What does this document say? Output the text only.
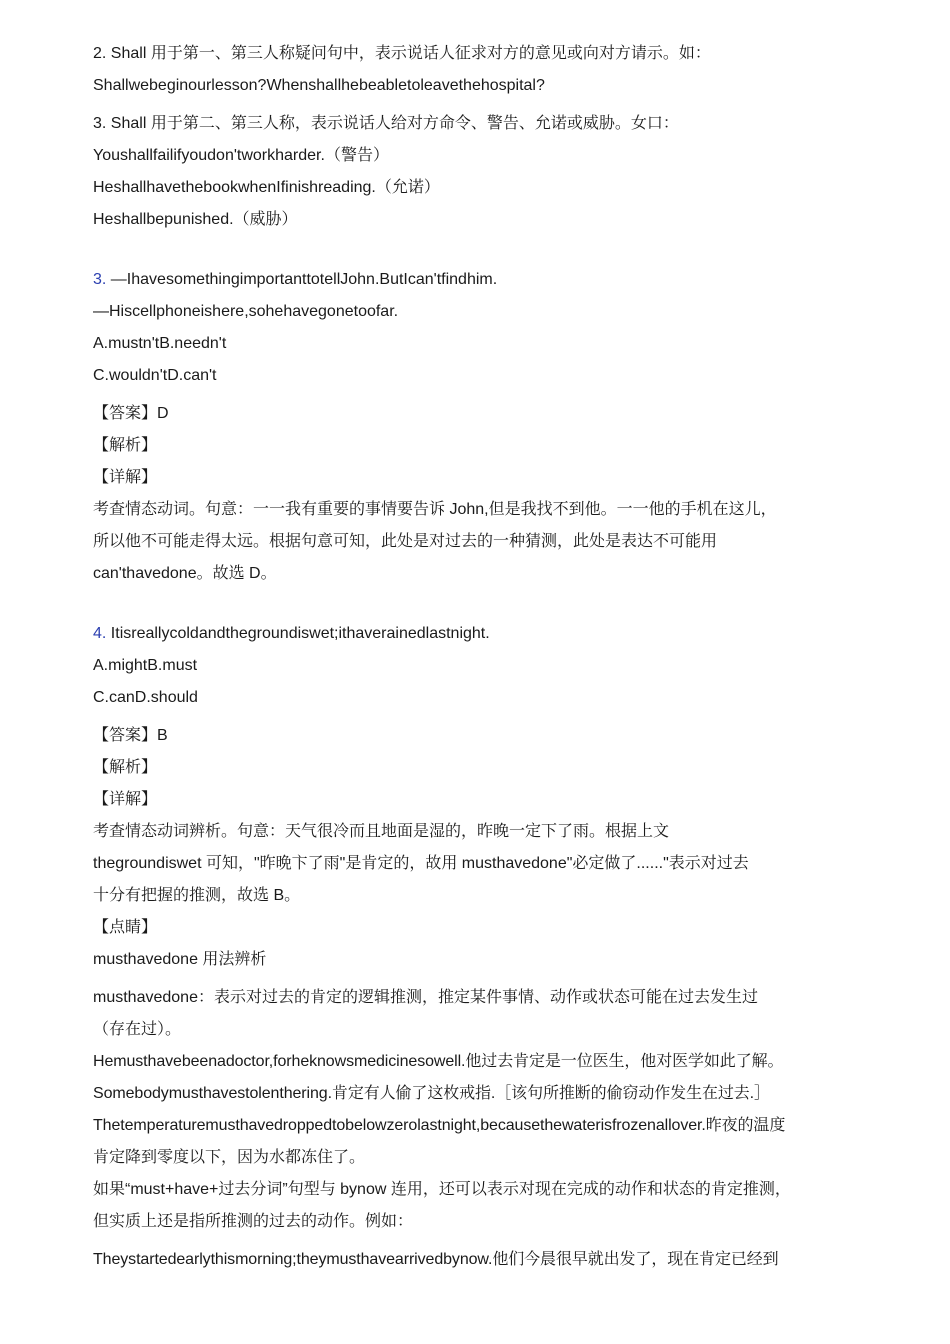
2. Shall 用于第一、第三人称疑问句中，表示说话人征求对方的意见或向对方请示。如：
Shallwebeginourlesson?Whenshallhebeabletoleavethehospital?
3. Shall 用于第二、第三人称，表示说话人给对方命令、警告、允诺或威胁。女口：
Youshallfailifyoudon'tworkharder.（警告）
HeshallhavethebookwhenIfinishreading.（允诺）
Heshallbepunished.（威胁）
3. —IhavesomethingimportanttotellJohn.ButIcan'tfindhim.
—Hiscellphoneishere,sohehavegonetoofar.
A.mustn'tB.needn't
C.wouldn'tD.can't
【答案】D
【解析】
【详解】
考查情态动词。句意：一一我有重要的事情要告诉 John,但是我找不到他。一一他的手机在这儿，
所以他不可能走得太远。根据句意可知，此处是对过去的一种猜测，此处是表达不可能用
can'thavedone。故选 D。
4. Itisreallycoldandthegroundiswet;ithaverainedlastnight.
A.mightB.must
C.canD.should
【答案】B
【解析】
【详解】
考查情态动词辨析。句意：天气很冷而且地面是湿的，昨晚一定下了雨。根据上文
thegroundiswet 可知，"昨晩卞了雨"是肯定的，故用 musthavedone"必定做了......"表示对过去
十分有把握的推测，故选 B。
【点睛】
musthavedone 用法辨析
musthavedone：表示对过去的肯定的逻辑推测，推定某件事情、动作或状态可能在过去发生过
（存在过）。
Hemusthavebeenadoctor,forheknowsmedicinesowell.他过去肯定是一位医生，他对医学如此了解。
Somebodymusthavestolenthering.肯定有人偷了这枚戒指.［该句所推断的偷窃动作发生在过去.］
Thetemperaturemusthavedroppedtobelowzerolastnight,becausethewaterisfrozenallover.昨夜的温度
肯定降到零度以下，因为水都冻住了。
如果“must+have+过去分词”句型与 bynow 连用，还可以表示对现在完成的动作和状态的肯定推测，
但实质上还是指所推测的过去的动作。例如：
Theystartedearlythismorning;theymusthavearrivedbynow.他们今晨很早就出发了，现在肯定已经到
